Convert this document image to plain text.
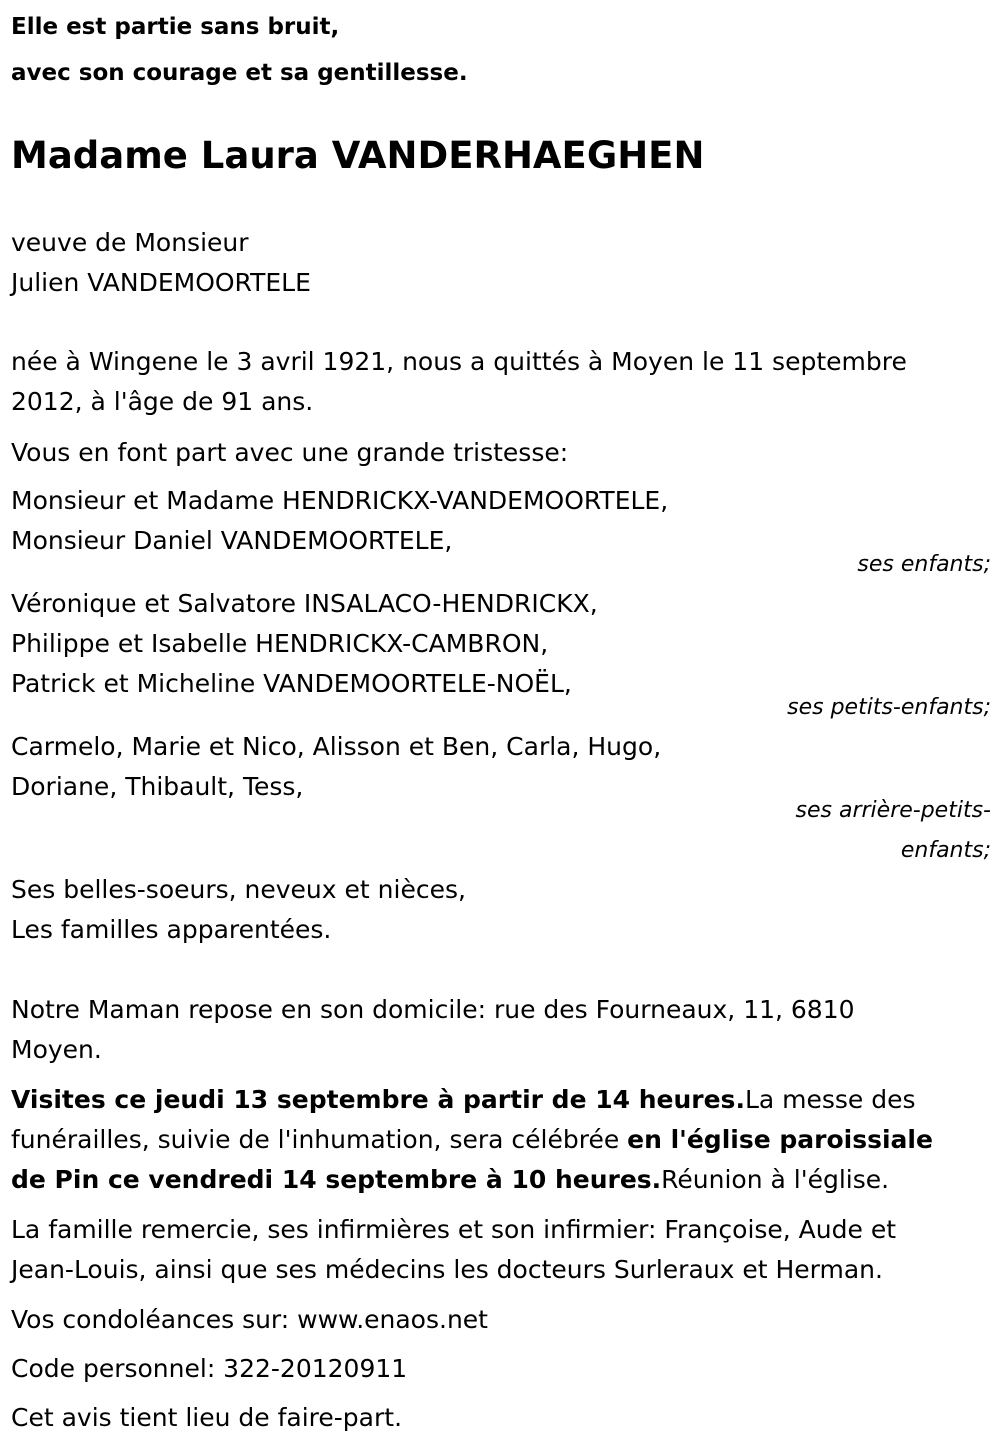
Elle est partie sans bruit,
avec son courage et sa gentillesse.
Madame Laura VANDERHAEGHEN
veuve de Monsieur
Julien VANDEMOORTELE
née à Wingene le 3 avril 1921, nous a quittés à Moyen le 11 septembre
2012, à l'âge de 91 ans.
Vous en font part avec une grande tristesse:
Monsieur et Madame HENDRICKX-VANDEMOORTELE,
Monsieur Daniel VANDEMOORTELE,
ses enfants;
Véronique et Salvatore INSALACO-HENDRICKX,
Philippe et Isabelle HENDRICKX-CAMBRON,
Patrick et Micheline VANDEMOORTELE-NOËL,
ses petits-enfants;
Carmelo, Marie et Nico, Alisson et Ben, Carla, Hugo,
Doriane, Thibault, Tess,
ses arrière-petits-
enfants;
Ses belles-soeurs, neveux et nièces,
Les familles apparentées.
Notre Maman repose en son domicile: rue des Fourneaux, 11, 6810
Moyen.
Visites ce jeudi 13 septembre à partir de 14 heures.La messe des
funérailles, suivie de l'inhumation, sera célébrée en l'église paroissiale
de Pin ce vendredi 14 septembre à 10 heures.Réunion à l'église.
La famille remercie, ses infirmières et son infirmier: Françoise, Aude et
Jean-Louis, ainsi que ses médecins les docteurs Surleraux et Herman.
Vos condoléances sur: www.enaos.net
Code personnel: 322-20120911
Cet avis tient lieu de faire-part.
